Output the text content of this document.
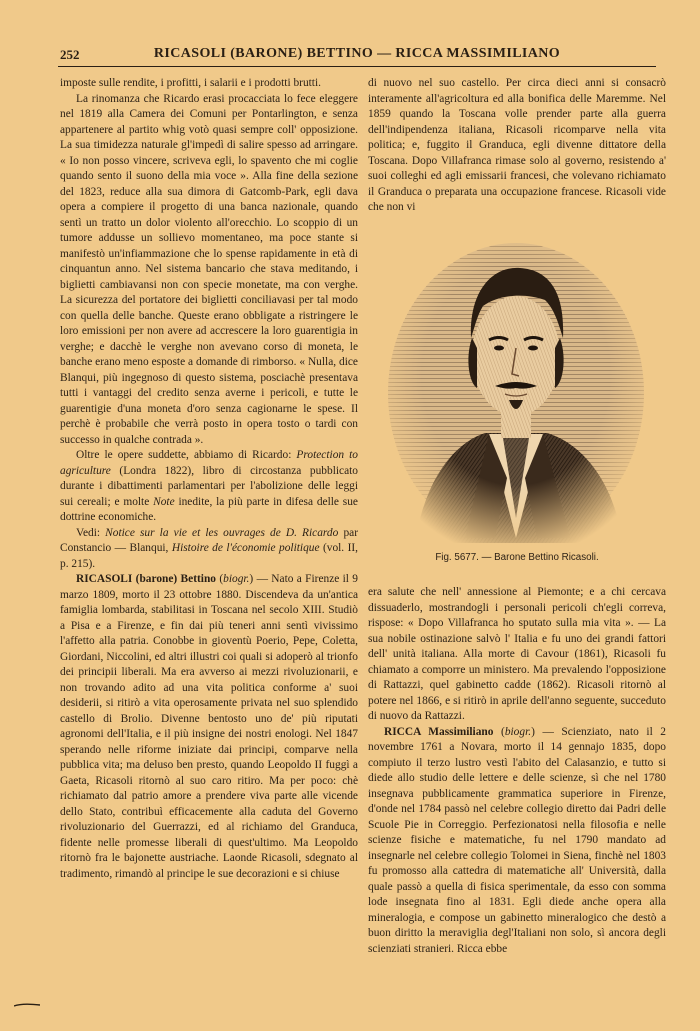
252	RICASOLI (BARONE) BETTINO — RICCA MASSIMILIANO

imposte sulle rendite, i profitti, i salarii e i prodotti brutti.

La rinomanza che Ricardo erasi procacciata lo fece eleggere nel 1819 alla Camera dei Comuni per Pontarlington, e senza appartenere al partito whig votò quasi sempre coll' opposizione. La sua timidezza naturale gl'impedì di salire spesso ad arringare. « Io non posso vincere, scriveva egli, lo spavento che mi coglie quando sento il suono della mia voce ». Alla fine della sezione del 1823, reduce alla sua dimora di Gatcomb-Park, egli dava opera a compiere il progetto di una banca nazionale, quando sentì un tratto un dolor violento all'orecchio. Lo scoppio di un tumore addusse un sollievo momentaneo, ma poce stante si manifestò un'infiammazione che lo spense rapidamente in età di cinquantun anno. Nel sistema bancario che stava meditando, i biglietti cambiavansi non con specie monetate, ma con verghe. La sicurezza del portatore dei biglietti conciliavasi per tal modo con quella delle banche. Queste erano obbligate a ristringere le loro emissioni per non avere ad accrescere la loro guarentigia in verghe; e dacchè le verghe non avevano corso di moneta, le banche erano meno esposte a domande di rimborso. « Nulla, dice Blanqui, più ingegnoso di questo sistema, posciachè presentava tutti i vantaggi del credito senza averne i pericoli, e tutte le guarentigie d'una moneta d'oro senza cagionarne le spese. Il perchè è probabile che verrà posto in opera tosto o tardi con successo in qualche contrada ».

Oltre le opere suddette, abbiamo di Ricardo: Protection to agriculture (Londra 1822), libro di circostanza pubblicato durante i dibattimenti parlamentari per l'abolizione delle leggi sui cereali; e molte Note inedite, la più parte in difesa delle sue dottrine economiche.

Vedi: Notice sur la vie et les ouvrages de D. Ricardo par Constancio — Blanqui, Histoire de l'économie politique (vol. II, p. 215).

RICASOLI (barone) Bettino (biogr.) — Nato a Firenze il 9 marzo 1809, morto il 23 ottobre 1880. Discendeva da un'antica famiglia lombarda, stabilitasi in Toscana nel secolo XIII. Studiò a Pisa e a Firenze, e fin dai più teneri anni sentì vivissimo l'affetto alla patria. Conobbe in gioventù Poerio, Pepe, Coletta, Giordani, Niccolini, ed altri illustri coi quali si adoperò al trionfo dei principii liberali. Ma era avverso ai mezzi rivoluzionarii, e non trovando adito ad una vita politica conforme a' suoi desiderii, si ritirò a vita operosamente privata nel suo splendido castello di Brolio. Divenne bentosto uno de' più riputati agronomi dell'Italia, e il più insigne dei nostri enologi. Nel 1847 sperando nelle riforme iniziate dai principi, comparve nella pubblica vita; ma deluso ben presto, quando Leopoldo II fuggì a Gaeta, Ricasoli ritornò al suo caro ritiro. Ma per poco: chè richiamato dal patrio amore a prendere viva parte alle vicende dello Stato, contribuì efficacemente alla caduta del Governo rivoluzionario del Guerrazzi, ed al richiamo del Granduca, fidente nelle promesse liberali di quest'ultimo. Ma Leopoldo ritornò fra le bajonette austriache. Laonde Ricasoli, sdegnato al tradimento, rimandò al principe le sue decorazioni e si chiuse

di nuovo nel suo castello. Per circa dieci anni si consacrò interamente all'agricoltura ed alla bonifica delle Maremme. Nel 1859 quando la Toscana volle prender parte alla guerra dell'indipendenza italiana, Ricasoli ricomparve nella vita politica; e, fuggito il Granduca, egli divenne dittatore della Toscana. Dopo Villafranca rimase solo al governo, resistendo a' suoi colleghi ed agli emissarii francesi, che volevano richiamato il Granduca o preparata una occupazione francese. Ricasoli vide che non vi

Fig. 5677. — Barone Bettino Ricasoli.

era salute che nell' annessione al Piemonte; e a chi cercava dissuaderlo, mostrandogli i personali pericoli ch'egli correva, rispose: « Dopo Villafranca ho sputato sulla mia vita ». — La sua nobile ostinazione salvò l' Italia e fu uno dei grandi fattori dell' unità italiana. Alla morte di Cavour (1861), Ricasoli fu chiamato a comporre un ministero. Ma prevalendo l'opposizione di Rattazzi, quel gabinetto cadde (1862). Ricasoli ritornò al potere nel 1866, e si ritirò in aprile dell'anno seguente, succeduto di nuovo da Rattazzi.

RICCA Massimiliano (biogr.) — Scienziato, nato il 2 novembre 1761 a Novara, morto il 14 gennajo 1835, dopo compiuto il terzo lustro vestì l'abito del Calasanzio, e tutto si diede allo studio delle lettere e delle scienze, sì che nel 1780 insegnava pubblicamente grammatica superiore in Firenze, d'onde nel 1784 passò nel celebre collegio diretto dai Padri delle Scuole Pie in Correggio. Perfezionatosi nella filosofia e nelle scienze fisiche e matematiche, fu nel 1790 mandato ad insegnarle nel celebre collegio Tolomei in Siena, finchè nel 1803 fu promosso alla cattedra di matematiche all' Università, dalla quale passò a quella di fisica sperimentale, da esso con somma lode insegnata fino al 1831. Egli diede anche opera alla mineralogia, e compose un gabinetto mineralogico che destò a buon diritto la meraviglia degl'Italiani non solo, sì ancora degli scienziati stranieri. Ricca ebbe
